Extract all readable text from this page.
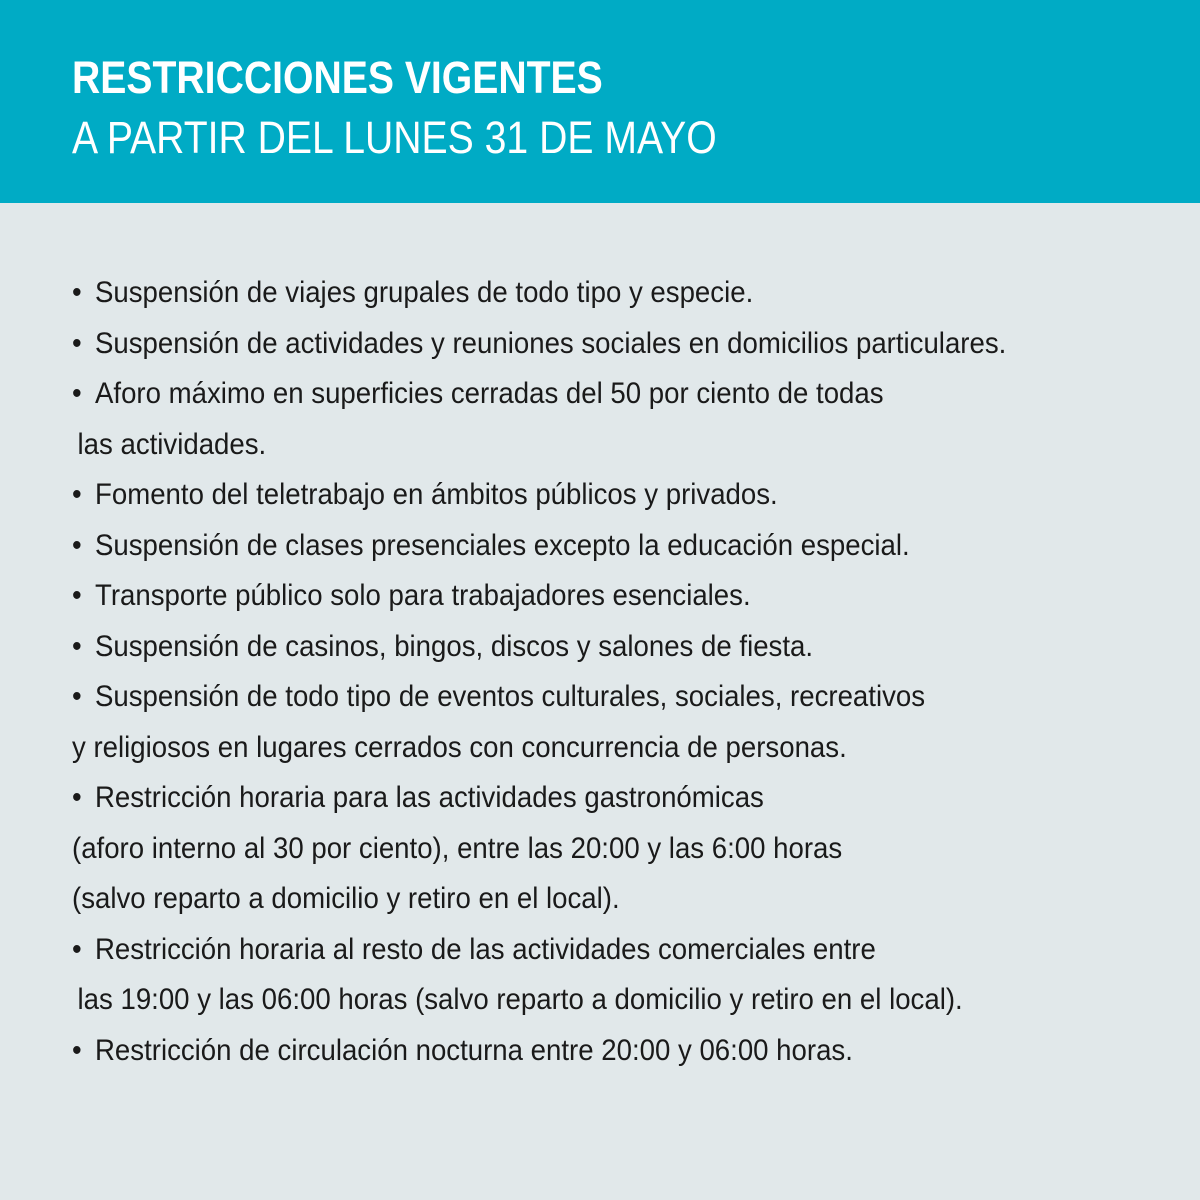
RESTRICCIONES VIGENTES
A PARTIR DEL LUNES 31 DE MAYO
• Suspensión de viajes grupales de todo tipo y especie.
• Suspensión de actividades y reuniones sociales en domicilios particulares.
• Aforo máximo en superficies cerradas del 50 por ciento de todas
las actividades.
• Fomento del teletrabajo en ámbitos públicos y privados.
• Suspensión de clases presenciales excepto la educación especial.
• Transporte público solo para trabajadores esenciales.
• Suspensión de casinos, bingos, discos y salones de fiesta.
• Suspensión de todo tipo de eventos culturales, sociales, recreativos
y religiosos en lugares cerrados con concurrencia de personas.
• Restricción horaria para las actividades gastronómicas
(aforo interno al 30 por ciento), entre las 20:00 y las 6:00 horas
(salvo reparto a domicilio y retiro en el local).
• Restricción horaria al resto de las actividades comerciales entre
las 19:00 y las 06:00 horas (salvo reparto a domicilio y retiro en el local).
• Restricción de circulación nocturna entre 20:00 y 06:00 horas.
